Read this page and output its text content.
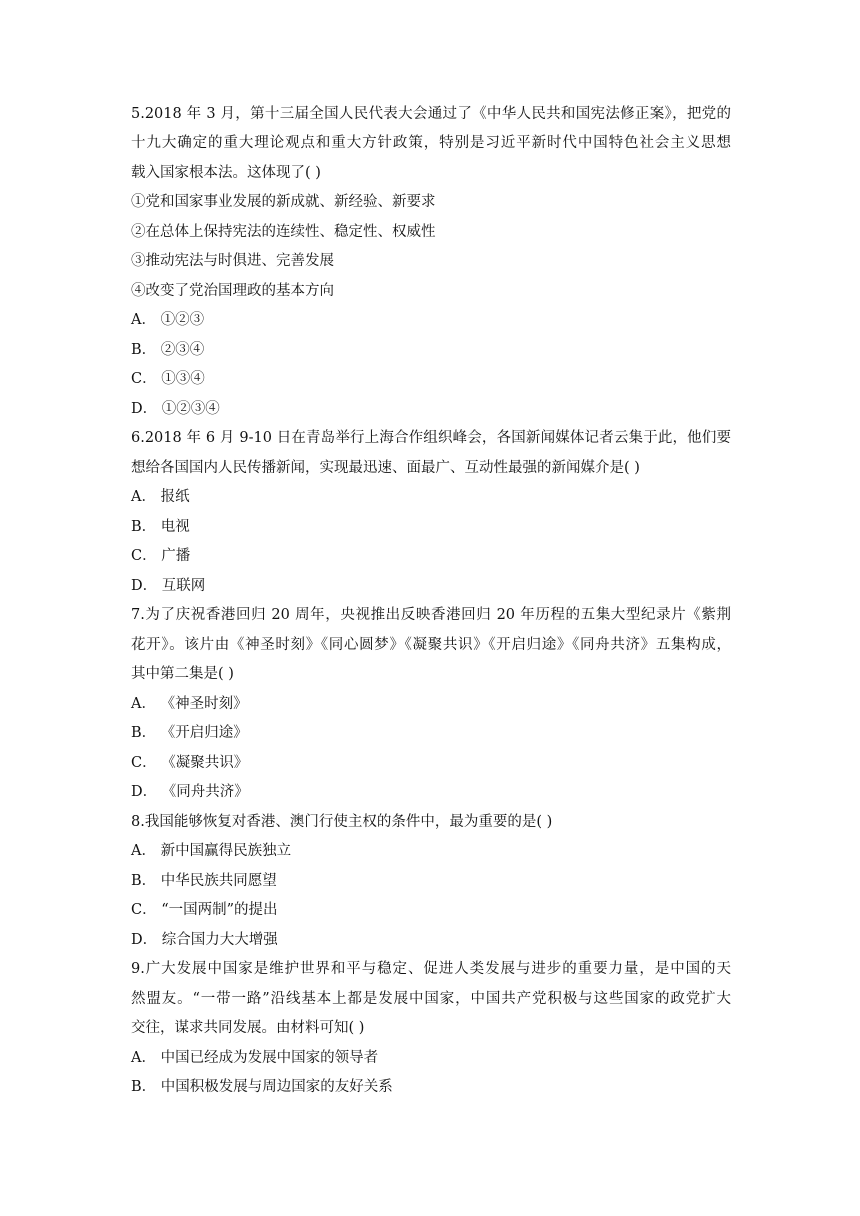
5.2018 年 3 月，第十三届全国人民代表大会通过了《中华人民共和国宪法修正案》，把党的
十九大确定的重大理论观点和重大方针政策，特别是习近平新时代中国特色社会主义思想
载入国家根本法。这体现了( )
①党和国家事业发展的新成就、新经验、新要求
②在总体上保持宪法的连续性、稳定性、权威性
③推动宪法与时俱进、完善发展
④改变了党治国理政的基本方向
A． ①②③
B． ②③④
C． ①③④
D． ①②③④
6.2018 年 6 月 9-10 日在青岛举行上海合作组织峰会，各国新闻媒体记者云集于此，他们要
想给各国国内人民传播新闻，实现最迅速、面最广、互动性最强的新闻媒介是( )
A． 报纸
B． 电视
C． 广播
D． 互联网
7.为了庆祝香港回归 20 周年，央视推出反映香港回归 20 年历程的五集大型纪录片《紫荆
花开》。该片由《神圣时刻》《同心圆梦》《凝聚共识》《开启归途》《同舟共济》五集构成，
其中第二集是( )
A． 《神圣时刻》
B． 《开启归途》
C． 《凝聚共识》
D． 《同舟共济》
8.我国能够恢复对香港、澳门行使主权的条件中，最为重要的是( )
A． 新中国赢得民族独立
B． 中华民族共同愿望
C． “一国两制”的提出
D． 综合国力大大增强
9.广大发展中国家是维护世界和平与稳定、促进人类发展与进步的重要力量，是中国的天
然盟友。“一带一路”沿线基本上都是发展中国家，中国共产党积极与这些国家的政党扩大
交往，谋求共同发展。由材料可知( )
A． 中国已经成为发展中国家的领导者
B． 中国积极发展与周边国家的友好关系
